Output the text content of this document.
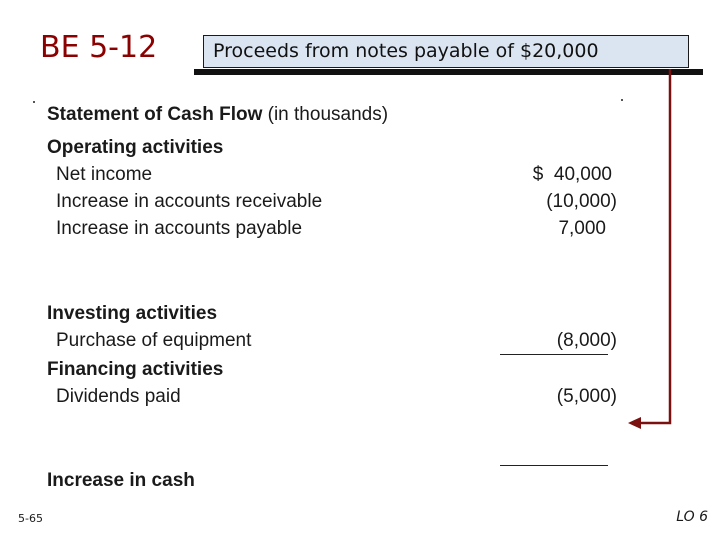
BE 5-12	Proceeds from notes payable of $20,000
Statement of Cash Flow (in thousands)
Operating activities
Net income	$  40,000
Increase in accounts receivable	(10,000)
Increase in accounts payable	7,000
Investing activities
Purchase of equipment	(8,000)
Financing activities
Dividends paid	(5,000)
Increase in cash
5-65	LO 6
